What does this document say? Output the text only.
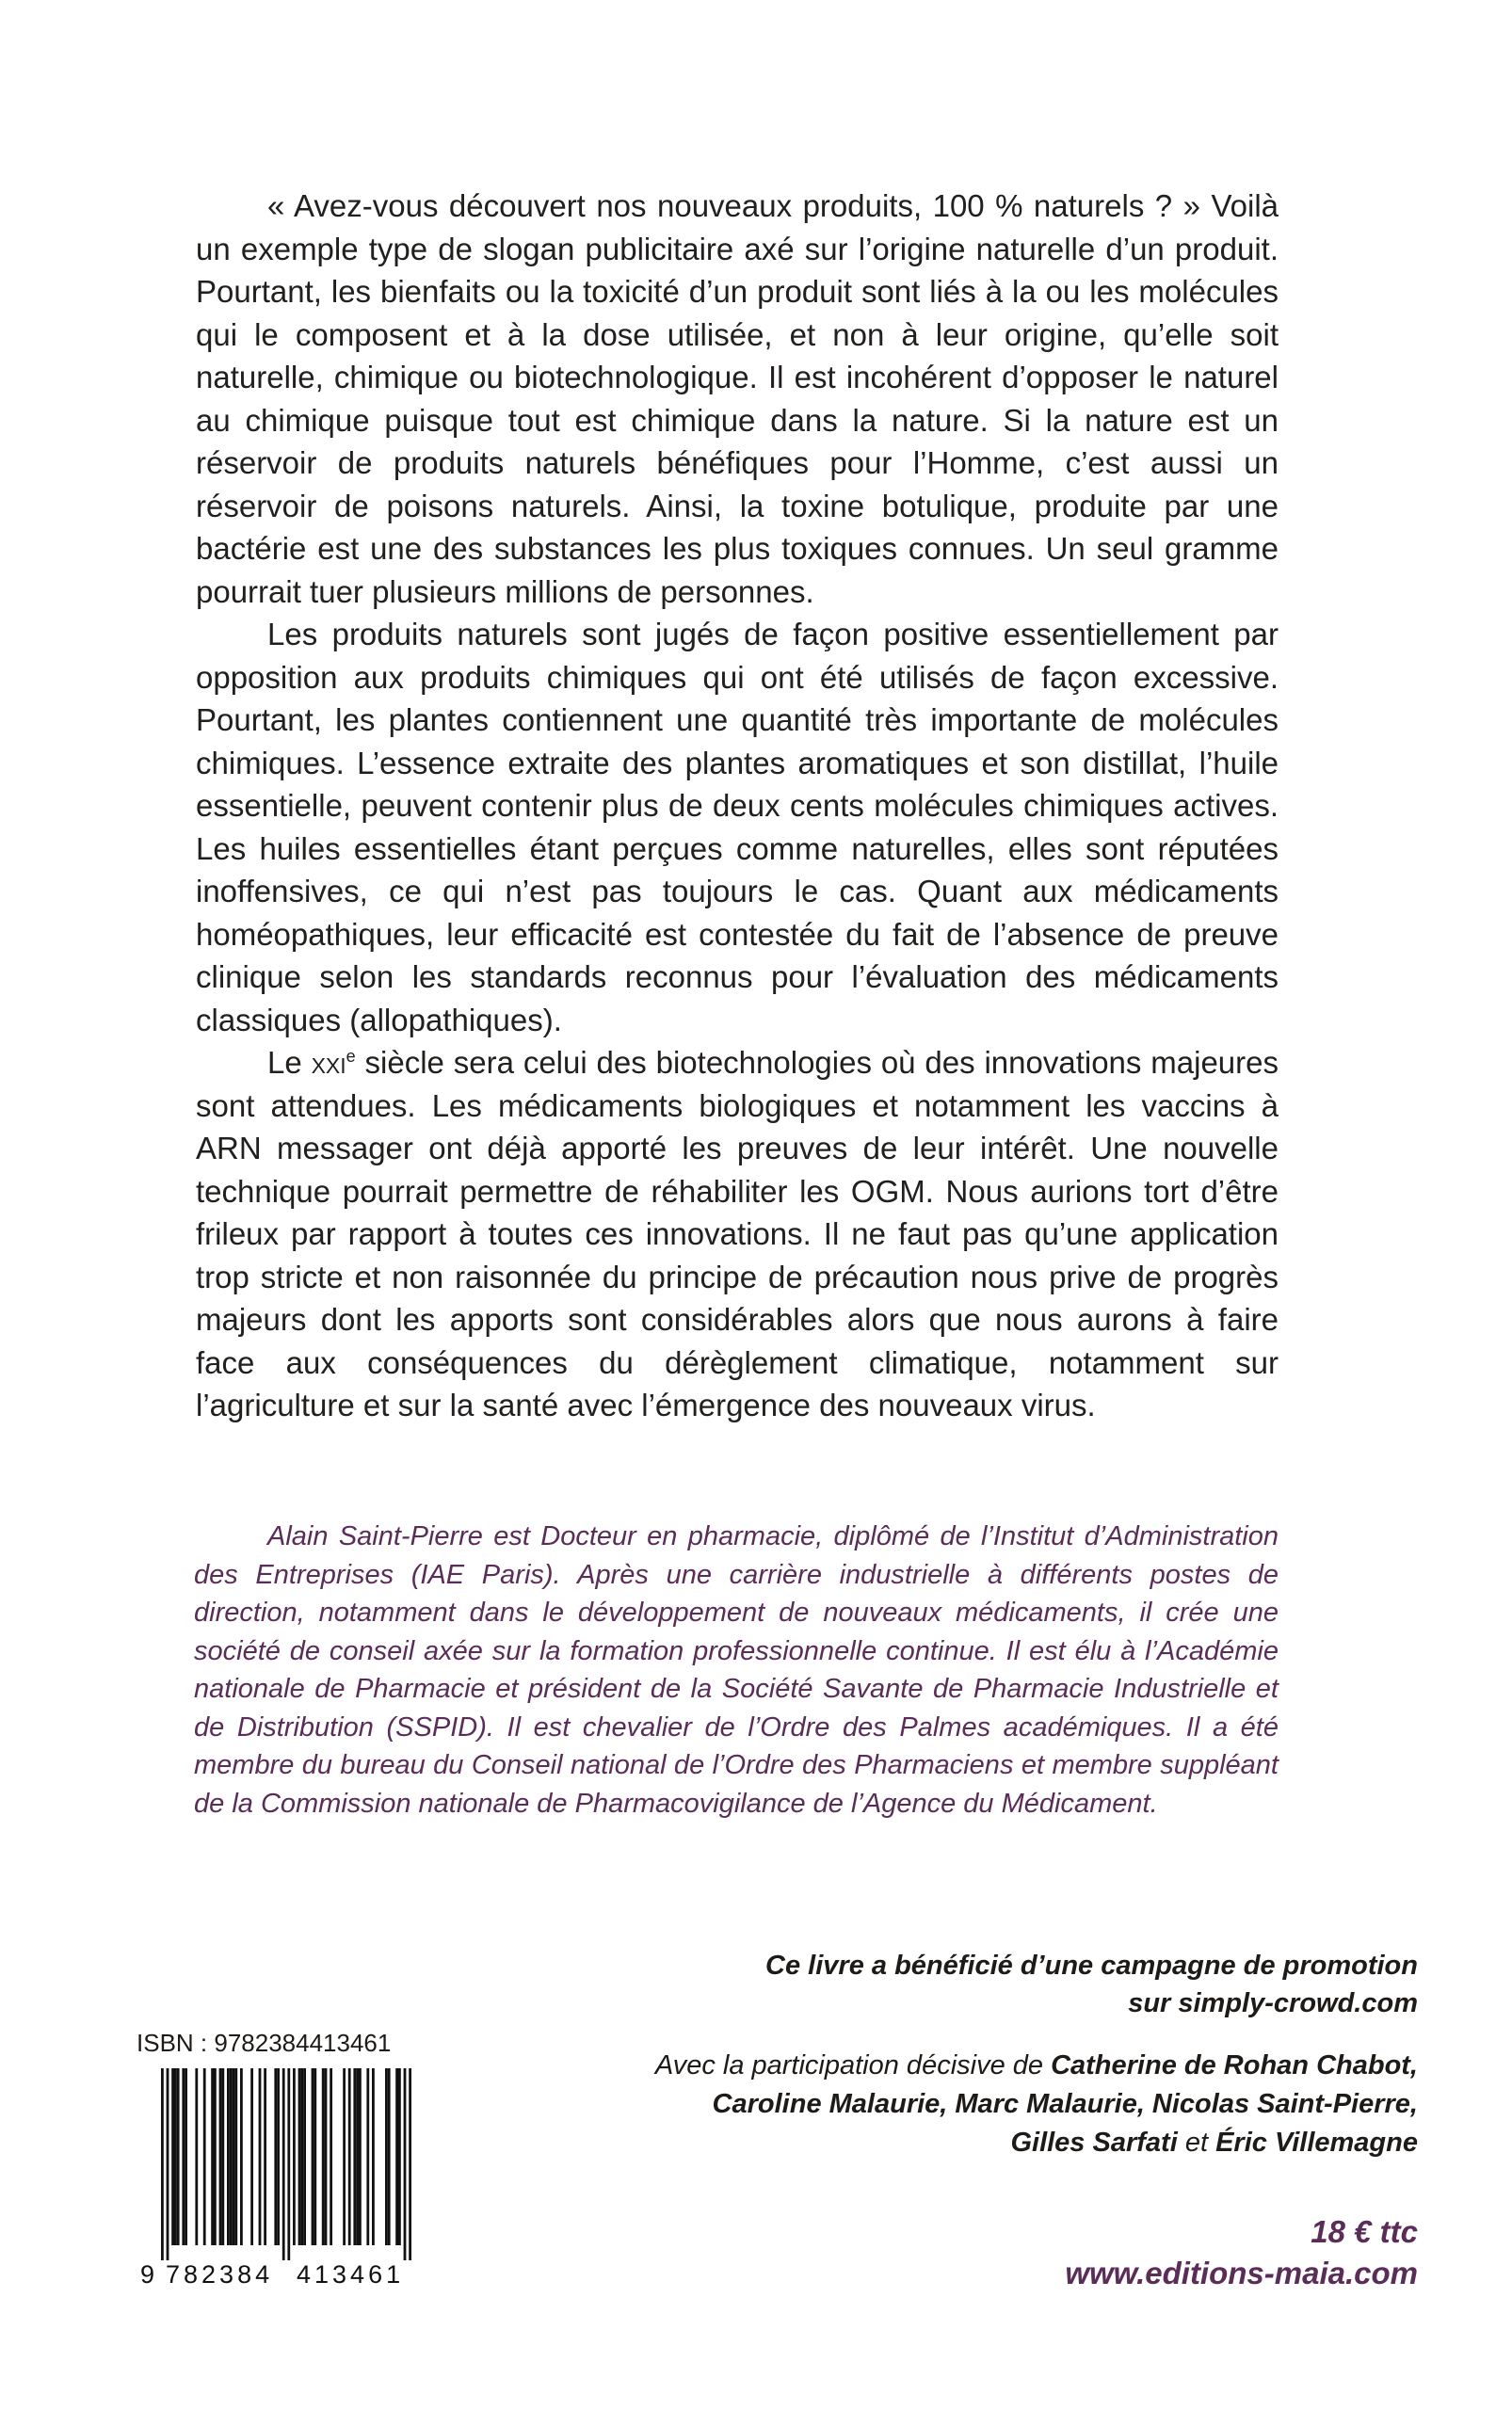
« Avez-vous découvert nos nouveaux produits, 100 % naturels ? » Voilà un exemple type de slogan publicitaire axé sur l’origine naturelle d’un produit. Pourtant, les bienfaits ou la toxicité d’un produit sont liés à la ou les molécules qui le composent et à la dose utilisée, et non à leur origine, qu’elle soit naturelle, chimique ou biotechnologique. Il est incohérent d’opposer le naturel au chimique puisque tout est chimique dans la nature. Si la nature est un réservoir de produits naturels bénéfiques pour l’Homme, c’est aussi un réservoir de poisons naturels. Ainsi, la toxine botulique, produite par une bactérie est une des substances les plus toxiques connues. Un seul gramme pourrait tuer plusieurs millions de personnes.

Les produits naturels sont jugés de façon positive essentiellement par opposition aux produits chimiques qui ont été utilisés de façon excessive. Pourtant, les plantes contiennent une quantité très importante de molécules chimiques. L’essence extraite des plantes aromatiques et son distillat, l’huile essentielle, peuvent contenir plus de deux cents molécules chimiques actives. Les huiles essentielles étant perçues comme naturelles, elles sont réputées inoffensives, ce qui n’est pas toujours le cas. Quant aux médicaments homéopathiques, leur efficacité est contestée du fait de l’absence de preuve clinique selon les standards reconnus pour l’évaluation des médicaments classiques (allopathiques).

Le xxi$^e$ siècle sera celui des biotechnologies où des innovations majeures sont attendues. Les médicaments biologiques et notamment les vaccins à ARN messager ont déjà apporté les preuves de leur intérêt. Une nouvelle technique pourrait permettre de réhabiliter les OGM. Nous aurions tort d’être frileux par rapport à toutes ces innovations. Il ne faut pas qu’une application trop stricte et non raisonnée du principe de précaution nous prive de progrès majeurs dont les apports sont considérables alors que nous aurons à faire face aux conséquences du dérèglement climatique, notamment sur l’agriculture et sur la santé avec l’émergence des nouveaux virus.

Alain Saint-Pierre est Docteur en pharmacie, diplômé de l’Institut d’Administration des Entreprises (IAE Paris). Après une carrière industrielle à différents postes de direction, notamment dans le développement de nouveaux médicaments, il crée une société de conseil axée sur la formation professionnelle continue. Il est élu à l’Académie nationale de Pharmacie et président de la Société Savante de Pharmacie Industrielle et de Distribution (SSPID). Il est chevalier de l’Ordre des Palmes académiques. Il a été membre du bureau du Conseil national de l’Ordre des Pharmaciens et membre suppléant de la Commission nationale de Pharmacovigilance de l’Agence du Médicament.

Ce livre a bénéficié d’une campagne de promotion

sur simply-crowd.com

Avec la participation décisive de Catherine de Rohan Chabot,

Caroline Malaurie, Marc Malaurie, Nicolas Saint-Pierre,

Gilles Sarfati et Éric Villemagne

18 € ttc
www.editions-maia.com
ISBN : 9782384413461
9 782384 413461
